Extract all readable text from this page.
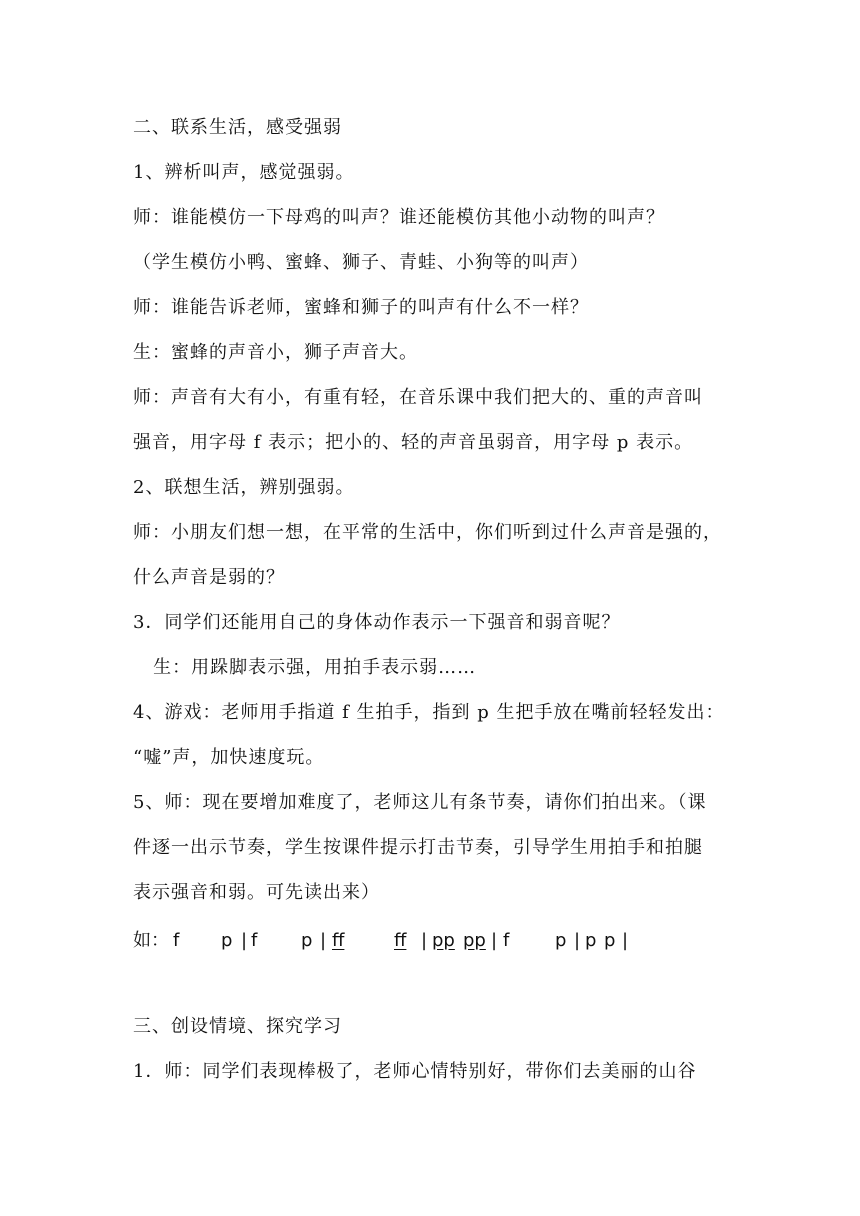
二、联系生活，感受强弱
1、辨析叫声，感觉强弱。
师：谁能模仿一下母鸡的叫声？谁还能模仿其他小动物的叫声？
（学生模仿小鸭、蜜蜂、狮子、青蛙、小狗等的叫声）
师：谁能告诉老师，蜜蜂和狮子的叫声有什么不一样？
生：蜜蜂的声音小，狮子声音大。
师：声音有大有小，有重有轻，在音乐课中我们把大的、重的声音叫
强音，用字母 f 表示；把小的、轻的声音虽弱音，用字母 p 表示。
2、联想生活，辨别强弱。
师：小朋友们想一想，在平常的生活中，你们听到过什么声音是强的，
什么声音是弱的？
3．同学们还能用自己的身体动作表示一下强音和弱音呢？
生：用跺脚表示强，用拍手表示弱……
4、游戏：老师用手指道 f 生拍手，指到 p 生把手放在嘴前轻轻发出：
“嘘”声，加快速度玩。
5、师：现在要增加难度了，老师这儿有条节奏，请你们拍出来。（课
件逐一出示节奏，学生按课件提示打击节奏，引导学生用拍手和拍腿
表示强音和弱。可先读出来）
如： f p | f p | ff	ff | pp pp | f	p | p p |
三、创设情境、探究学习
1．师：同学们表现棒极了，老师心情特别好，带你们去美丽的山谷
